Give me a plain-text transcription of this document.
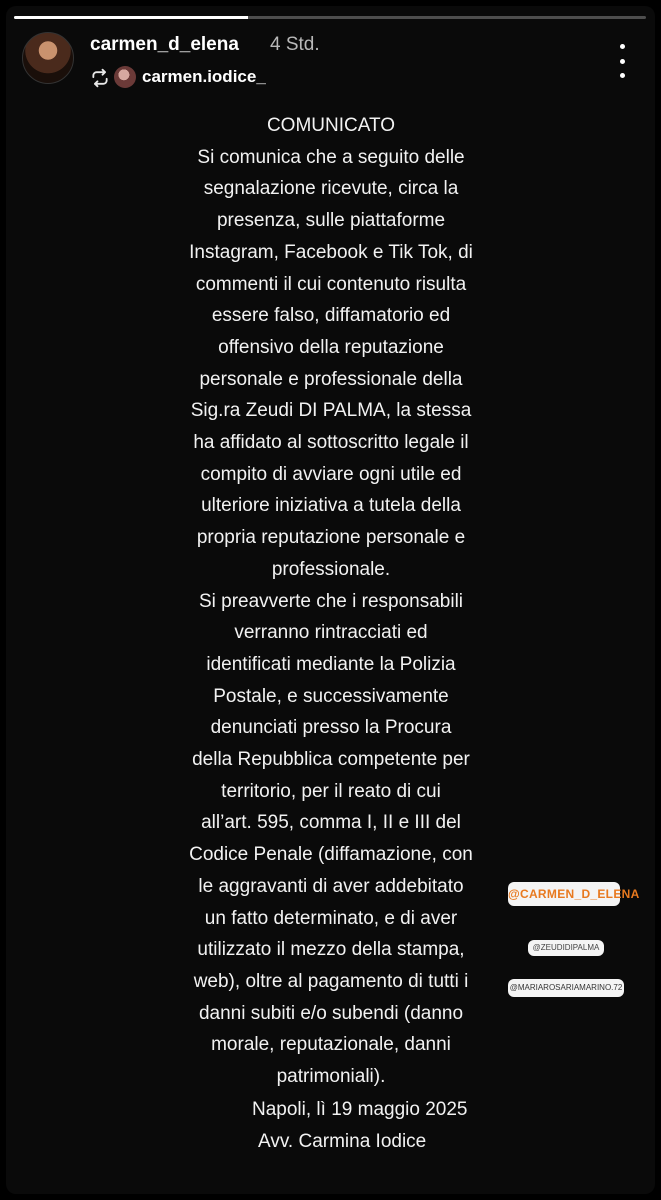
carmen_d_elena 4 Std.
carmen.iodice_
COMUNICATO
Si comunica che a seguito delle
segnalazione ricevute, circa la
presenza, sulle piattaforme
Instagram, Facebook e Tik Tok, di
commenti il cui contenuto risulta
essere falso, diffamatorio ed
offensivo della reputazione
personale e professionale della
Sig.ra Zeudi DI PALMA, la stessa
ha affidato al sottoscritto legale il
compito di avviare ogni utile ed
ulteriore iniziativa a tutela della
propria reputazione personale e
professionale.
Si preavverte che i responsabili
verranno rintracciati ed
identificati mediante la Polizia
Postale, e successivamente
denunciati presso la Procura
della Repubblica competente per
territorio, per il reato di cui
all’art. 595, comma I, II e III del
Codice Penale (diffamazione, con
le aggravanti di aver addebitato
un fatto determinato, e di aver
utilizzato il mezzo della stampa,
web), oltre al pagamento di tutti i
danni subiti e/o subendi (danno
morale, reputazionale, danni
patrimoniali).
Napoli, lì 19 maggio 2025
Avv. Carmina Iodice
@CARMEN_D_ELENA
@ZEUDIDIPALMA
@MARIAROSARIAMARINO.72
